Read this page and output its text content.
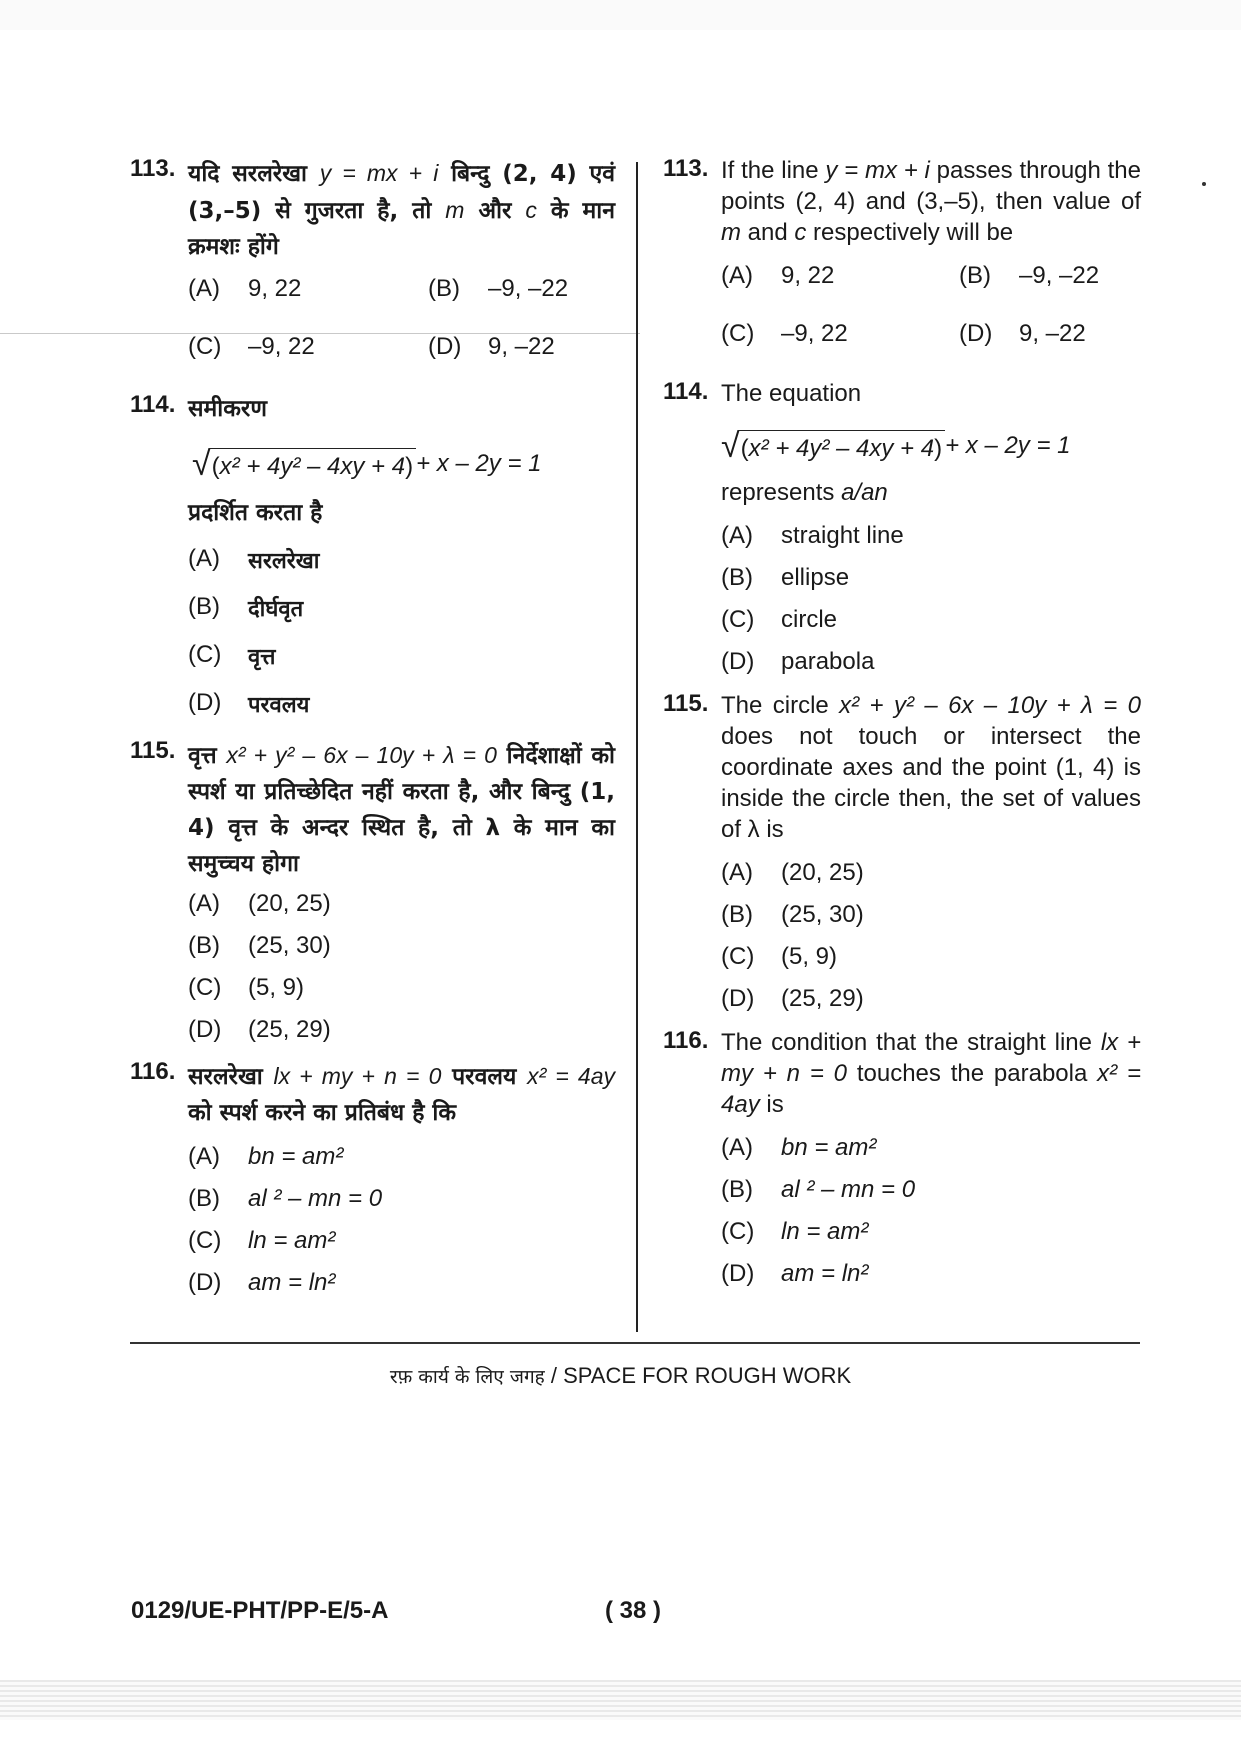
113. यदि सरलरेखा y = mx + i बिन्दु (2, 4) एवं (3,–5) से गुजरता है, तो m और c के मान क्रमशः होंगे
(A)	9, 22	(B)	–9, –22
(C)	–9, 22	(D)	9, –22
114. समीकरण
√ (x² + 4y² – 4xy + 4) + x – 2y = 1
प्रदर्शित करता है
(A)	सरलरेखा
(B)	दीर्घवृत
(C)	वृत्त
(D)	परवलय
115. वृत्त x² + y² – 6x – 10y + λ = 0 निर्देशाक्षों को स्पर्श या प्रतिच्छेदित नहीं करता है, और बिन्दु (1, 4) वृत्त के अन्दर स्थित है, तो λ के मान का समुच्चय होगा
(A)	(20, 25)
(B)	(25, 30)
(C)	(5, 9)
(D)	(25, 29)
116. सरलरेखा lx + my + n = 0 परवलय x² = 4ay को स्पर्श करने का प्रतिबंध है कि
(A)	bn = am²
(B)	al ² – mn = 0
(C)	ln = am²
(D)	am = ln²
113. If the line y = mx + i passes through the points (2, 4) and (3,–5), then value of m and c respectively will be
(A)	9, 22	(B)	–9, –22
(C)	–9, 22	(D)	9, –22
114. The equation
√ (x² + 4y² – 4xy + 4) + x – 2y = 1
represents a/an
(A)	straight line
(B)	ellipse
(C)	circle
(D)	parabola
115. The circle x² + y² – 6x – 10y + λ = 0 does not touch or intersect the coordinate axes and the point (1, 4) is inside the circle then, the set of values of λ is
(A)	(20, 25)
(B)	(25, 30)
(C)	(5, 9)
(D)	(25, 29)
116. The condition that the straight line lx + my + n = 0 touches the parabola x² = 4ay is
(A)	bn = am²
(B)	al ² – mn = 0
(C)	ln = am²
(D)	am = ln²
रफ़ कार्य के लिए जगह / SPACE FOR ROUGH WORK
0129/UE-PHT/PP-E/5-A	( 38 )
